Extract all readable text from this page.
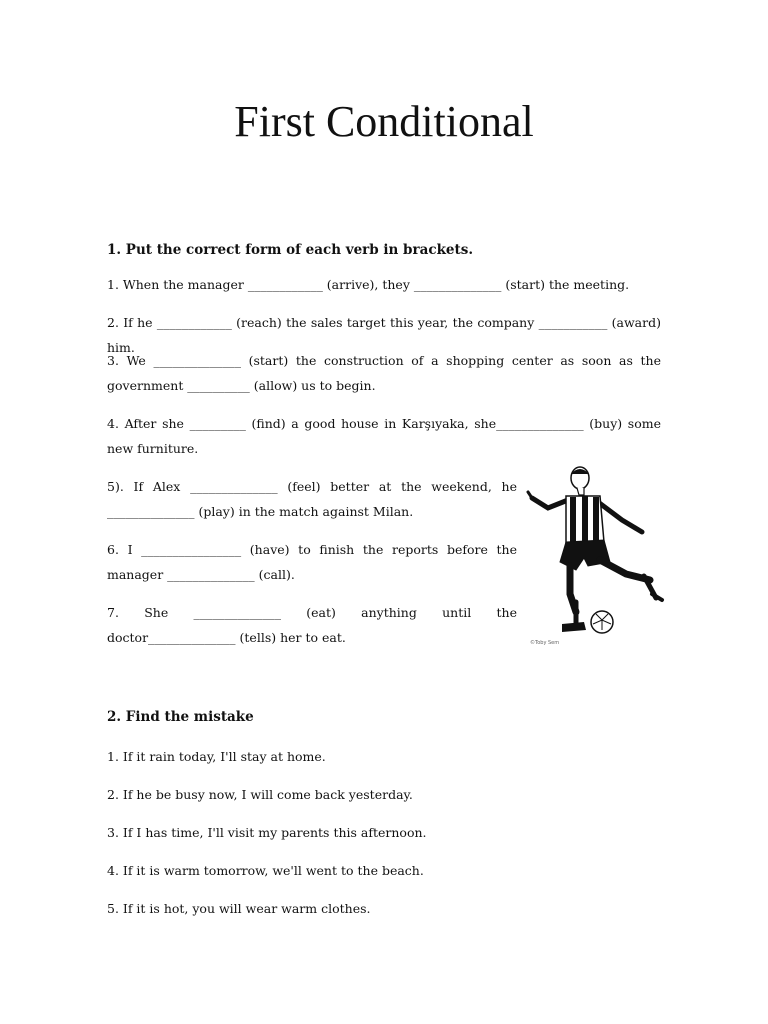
First Conditional
1. Put the correct form of each verb in brackets.
1. When the manager ____________ (arrive), they ______________ (start) the meeting.
2. If he ____________ (reach) the sales target this year, the company ___________ (award) him.
3. We ______________ (start) the construction of a shopping center as soon as the government __________ (allow) us to begin.
4. After she _________ (find) a good house in Karşıyaka, she______________ (buy) some new furniture.
5). If Alex ______________ (feel) better at the weekend, he ______________ (play) in the match against Milan.
6. I ________________ (have) to finish the reports before the manager ______________ (call).
7. She ______________ (eat) anything until the doctor______________ (tells) her to eat.	©Toby Sem
2. Find the mistake
1. If it rain today, I'll stay at home.
2. If he be busy now, I will come back yesterday.
3. If I has time, I'll visit my parents this afternoon.
4. If it is warm tomorrow, we'll went to the beach.
5. If it is hot, you will wear warm clothes.
